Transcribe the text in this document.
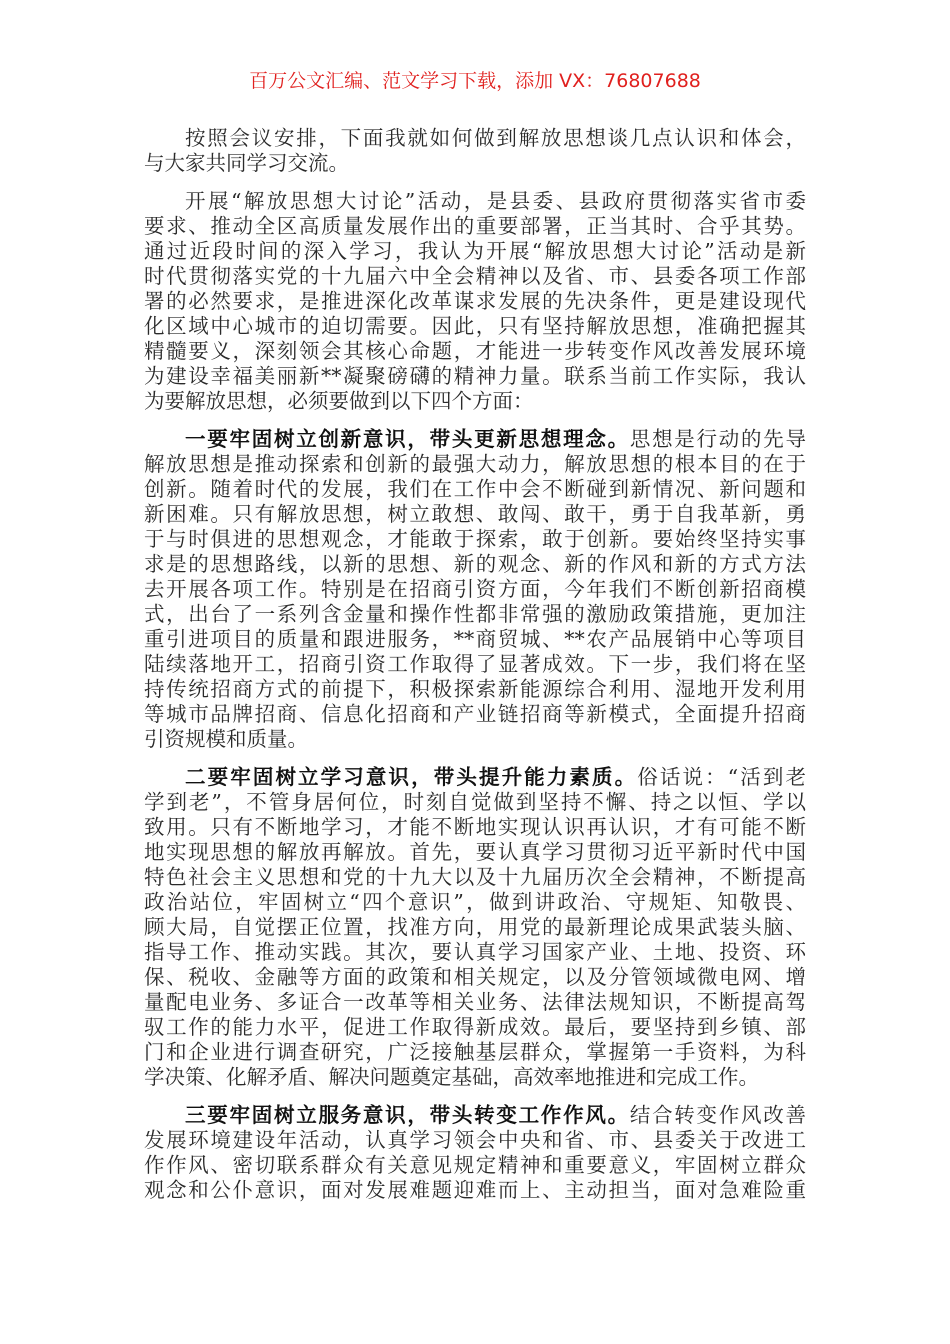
百万公文汇编、范文学习下载，添加 VX：76807688
按照会议安排，下面我就如何做到解放思想谈几点认识和体会，
与大家共同学习交流。
开展“解放思想大讨论”活动，是县委、县政府贯彻落实省市委
要求、推动全区高质量发展作出的重要部署，正当其时、合乎其势。
通过近段时间的深入学习，我认为开展“解放思想大讨论”活动是新
时代贯彻落实党的十九届六中全会精神以及省、市、县委各项工作部
署的必然要求，是推进深化改革谋求发展的先决条件，更是建设现代
化区域中心城市的迫切需要。因此，只有坚持解放思想，准确把握其
精髓要义，深刻领会其核心命题，才能进一步转变作风改善发展环境
为建设幸福美丽新**凝聚磅礴的精神力量。联系当前工作实际，我认
为要解放思想，必须要做到以下四个方面：
一要牢固树立创新意识，带头更新思想理念。思想是行动的先导
解放思想是推动探索和创新的最强大动力，解放思想的根本目的在于
创新。随着时代的发展，我们在工作中会不断碰到新情况、新问题和
新困难。只有解放思想，树立敢想、敢闯、敢干，勇于自我革新，勇
于与时俱进的思想观念，才能敢于探索，敢于创新。要始终坚持实事
求是的思想路线，以新的思想、新的观念、新的作风和新的方式方法
去开展各项工作。特别是在招商引资方面，今年我们不断创新招商模
式，出台了一系列含金量和操作性都非常强的激励政策措施，更加注
重引进项目的质量和跟进服务，**商贸城、**农产品展销中心等项目
陆续落地开工，招商引资工作取得了显著成效。下一步，我们将在坚
持传统招商方式的前提下，积极探索新能源综合利用、湿地开发利用
等城市品牌招商、信息化招商和产业链招商等新模式，全面提升招商
引资规模和质量。
二要牢固树立学习意识，带头提升能力素质。俗话说：“活到老
学到老”，不管身居何位，时刻自觉做到坚持不懈、持之以恒、学以
致用。只有不断地学习，才能不断地实现认识再认识，才有可能不断
地实现思想的解放再解放。首先，要认真学习贯彻习近平新时代中国
特色社会主义思想和党的十九大以及十九届历次全会精神，不断提高
政治站位，牢固树立“四个意识”，做到讲政治、守规矩、知敬畏、
顾大局，自觉摆正位置，找准方向，用党的最新理论成果武装头脑、
指导工作、推动实践。其次，要认真学习国家产业、土地、投资、环
保、税收、金融等方面的政策和相关规定，以及分管领域微电网、增
量配电业务、多证合一改革等相关业务、法律法规知识，不断提高驾
驭工作的能力水平，促进工作取得新成效。最后，要坚持到乡镇、部
门和企业进行调查研究，广泛接触基层群众，掌握第一手资料，为科
学决策、化解矛盾、解决问题奠定基础，高效率地推进和完成工作。
三要牢固树立服务意识，带头转变工作作风。结合转变作风改善
发展环境建设年活动，认真学习领会中央和省、市、县委关于改进工
作作风、密切联系群众有关意见规定精神和重要意义，牢固树立群众
观念和公仆意识，面对发展难题迎难而上、主动担当，面对急难险重
